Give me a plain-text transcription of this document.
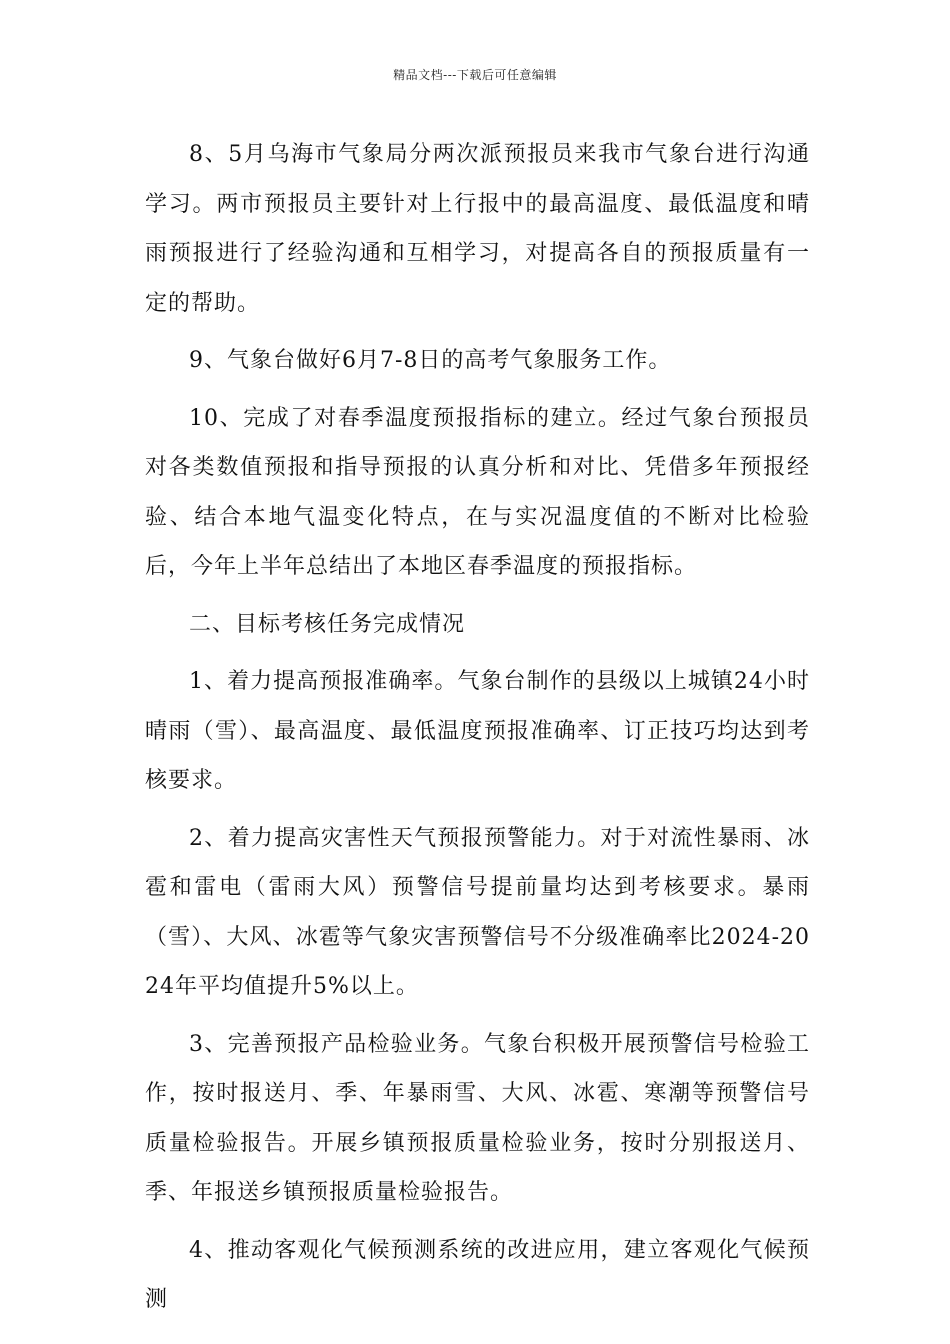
精品文档---下载后可任意编辑

8、5月乌海市气象局分两次派预报员来我市气象台进行沟通学习。两市预报员主要针对上行报中的最高温度、最低温度和晴雨预报进行了经验沟通和互相学习，对提高各自的预报质量有一定的帮助。

9、气象台做好6月7-8日的高考气象服务工作。

10、完成了对春季温度预报指标的建立。经过气象台预报员对各类数值预报和指导预报的认真分析和对比、凭借多年预报经验、结合本地气温变化特点，在与实况温度值的不断对比检验后，今年上半年总结出了本地区春季温度的预报指标。

二、目标考核任务完成情况

1、着力提高预报准确率。气象台制作的县级以上城镇24小时晴雨（雪）、最高温度、最低温度预报准确率、订正技巧均达到考核要求。

2、着力提高灾害性天气预报预警能力。对于对流性暴雨、冰雹和雷电（雷雨大风）预警信号提前量均达到考核要求。暴雨（雪）、大风、冰雹等气象灾害预警信号不分级准确率比2024-2024年平均值提升5%以上。

3、完善预报产品检验业务。气象台积极开展预警信号检验工作，按时报送月、季、年暴雨雪、大风、冰雹、寒潮等预警信号质量检验报告。开展乡镇预报质量检验业务，按时分别报送月、季、年报送乡镇预报质量检验报告。

4、推动客观化气候预测系统的改进应用，建立客观化气候预测
